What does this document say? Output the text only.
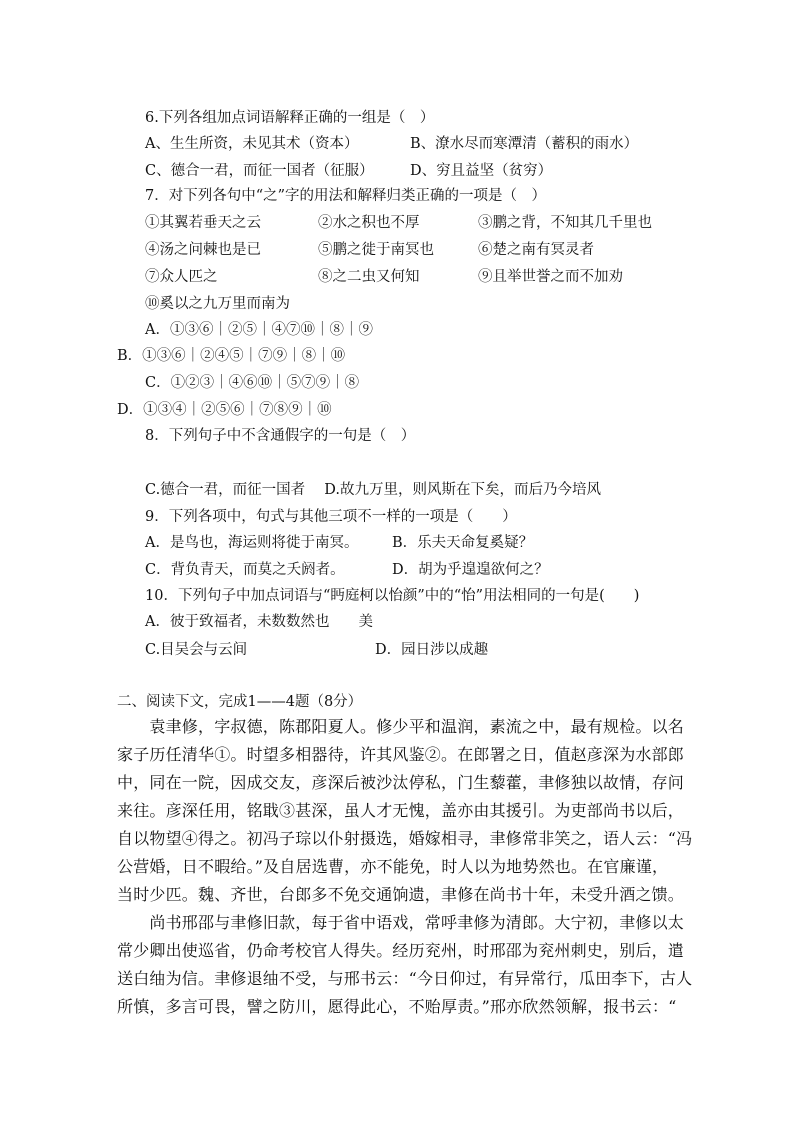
6.下列各组加点词语解释正确的一组是（　）
A、生生所资，未见其术（资本）	B、潦水尽而寒潭清（蓄积的雨水）
C、德合一君，而征一国者（征服）	D、穷且益坚（贫穷）
7．对下列各句中“之”字的用法和解释归类正确的一项是（　）
①其翼若垂天之云	②水之积也不厚	③鹏之背，不知其几千里也
④汤之问棘也是已	⑤鹏之徙于南冥也	⑥楚之南有冥灵者
⑦众人匹之	⑧之二虫又何知	⑨且举世誉之而不加劝
⑩奚以之九万里而南为
A．①③⑥｜②⑤｜④⑦⑩｜⑧｜⑨
B．①③⑥｜②④⑤｜⑦⑨｜⑧｜⑩
C．①②③｜④⑥⑩｜⑤⑦⑨｜⑧
D．①③④｜②⑤⑥｜⑦⑧⑨｜⑩
8．下列句子中不含通假字的一句是（　）
C.德合一君，而征一国者　 D.故九万里，则风斯在下矣，而后乃今培风
9．下列各项中，句式与其他三项不一样的一项是（　　）
A．是鸟也，海运则将徙于南冥。 B．乐夫天命复奚疑？
C．背负青天，而莫之夭阏者。	D．胡为乎遑遑欲何之？
10．下列句子中加点词语与“眄庭柯以怡颜”中的“怡”用法相同的一句是(　　)
A．彼于致福者，未数数然也　　美
C.目吴会与云间	D．园日涉以成趣
二、阅读下文，完成1——4题（8分）
　　袁聿修，字叔德，陈郡阳夏人。修少平和温润，素流之中，最有规检。以名
家子历任清华①。时望多相器待，许其风鉴②。在郎署之日，值赵彦深为水部郎
中，同在一院，因成交友，彦深后被沙汰停私，门生藜藿，聿修独以故情，存问
来往。彦深任用，铭戢③甚深，虽人才无愧，盖亦由其援引。为吏部尚书以后，
自以物望④得之。初冯子琮以仆射摄选，婚嫁相寻，聿修常非笑之，语人云：“冯
公营婚，日不暇给。”及自居选曹，亦不能免，时人以为地势然也。在官廉谨，
当时少匹。魏、齐世，台郎多不免交通饷遗，聿修在尚书十年，未受升酒之馈。
　　尚书邢邵与聿修旧款，每于省中语戏，常呼聿修为清郎。大宁初，聿修以太
常少卿出使巡省，仍命考校官人得失。经历兖州，时邢邵为兖州刺史，别后，遣
送白䌷为信。聿修退䌷不受，与邢书云：“今日仰过，有异常行，瓜田李下，古人
所慎，多言可畏，譬之防川，愿得此心，不贻厚责。”邢亦欣然领解，报书云：“
